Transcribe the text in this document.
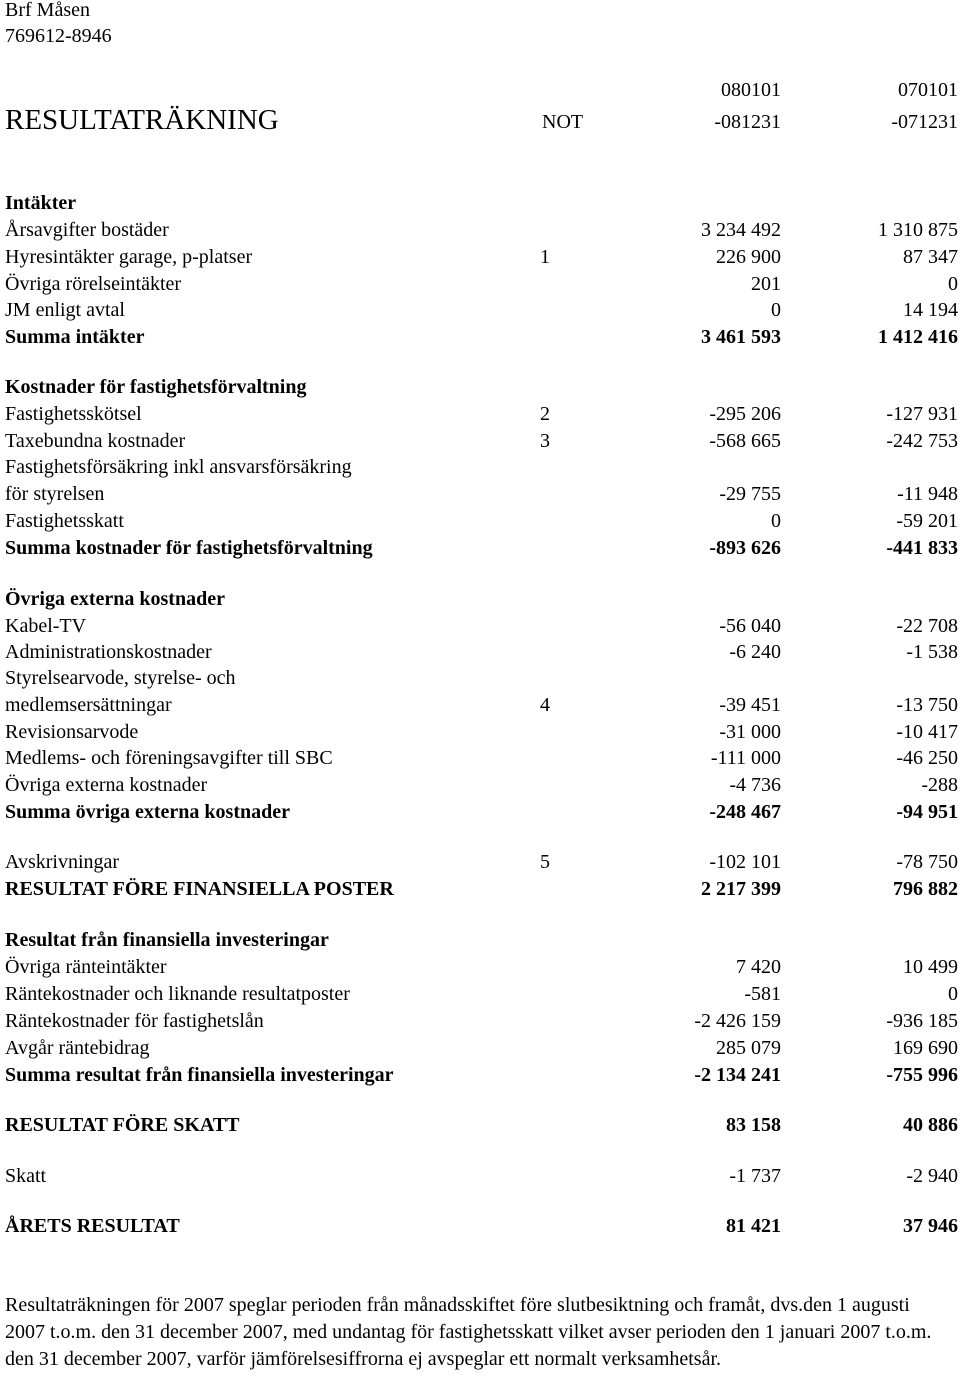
Brf Måsen
769612-8946
080101	070101
RESULTATRÄKNING	NOT	-081231	-071231
Intäkter
Årsavgifter bostäder	3 234 492	1 310 875
Hyresintäkter garage, p-platser	1	226 900	87 347
Övriga rörelseintäkter	201	0
JM enligt avtal	0	14 194
Summa intäkter	3 461 593	1 412 416
Kostnader för fastighetsförvaltning
Fastighetsskötsel	2	-295 206	-127 931
Taxebundna kostnader	3	-568 665	-242 753
Fastighetsförsäkring inkl ansvarsförsäkring
för styrelsen	-29 755	-11 948
Fastighetsskatt	0	-59 201
Summa kostnader för fastighetsförvaltning	-893 626	-441 833
Övriga externa kostnader
Kabel-TV	-56 040	-22 708
Administrationskostnader	-6 240	-1 538
Styrelsearvode, styrelse- och
medlemsersättningar	4	-39 451	-13 750
Revisionsarvode	-31 000	-10 417
Medlems- och föreningsavgifter till SBC	-111 000	-46 250
Övriga externa kostnader	-4 736	-288
Summa övriga externa kostnader	-248 467	-94 951
Avskrivningar	5	-102 101	-78 750
RESULTAT FÖRE FINANSIELLA POSTER	2 217 399	796 882
Resultat från finansiella investeringar
Övriga ränteintäkter	7 420	10 499
Räntekostnader och liknande resultatposter	-581	0
Räntekostnader för fastighetslån	-2 426 159	-936 185
Avgår räntebidrag	285 079	169 690
Summa resultat från finansiella investeringar	-2 134 241	-755 996
RESULTAT FÖRE SKATT	83 158	40 886
Skatt	-1 737	-2 940
ÅRETS RESULTAT	81 421	37 946
Resultaträkningen för 2007 speglar perioden från månadsskiftet före slutbesiktning och framåt, dvs.den 1 augusti 2007 t.o.m. den 31 december 2007, med undantag för fastighetsskatt vilket avser perioden den 1 januari 2007 t.o.m. den 31 december 2007, varför jämförelsesiffrorna ej avspeglar ett normalt verksamhetsår.
